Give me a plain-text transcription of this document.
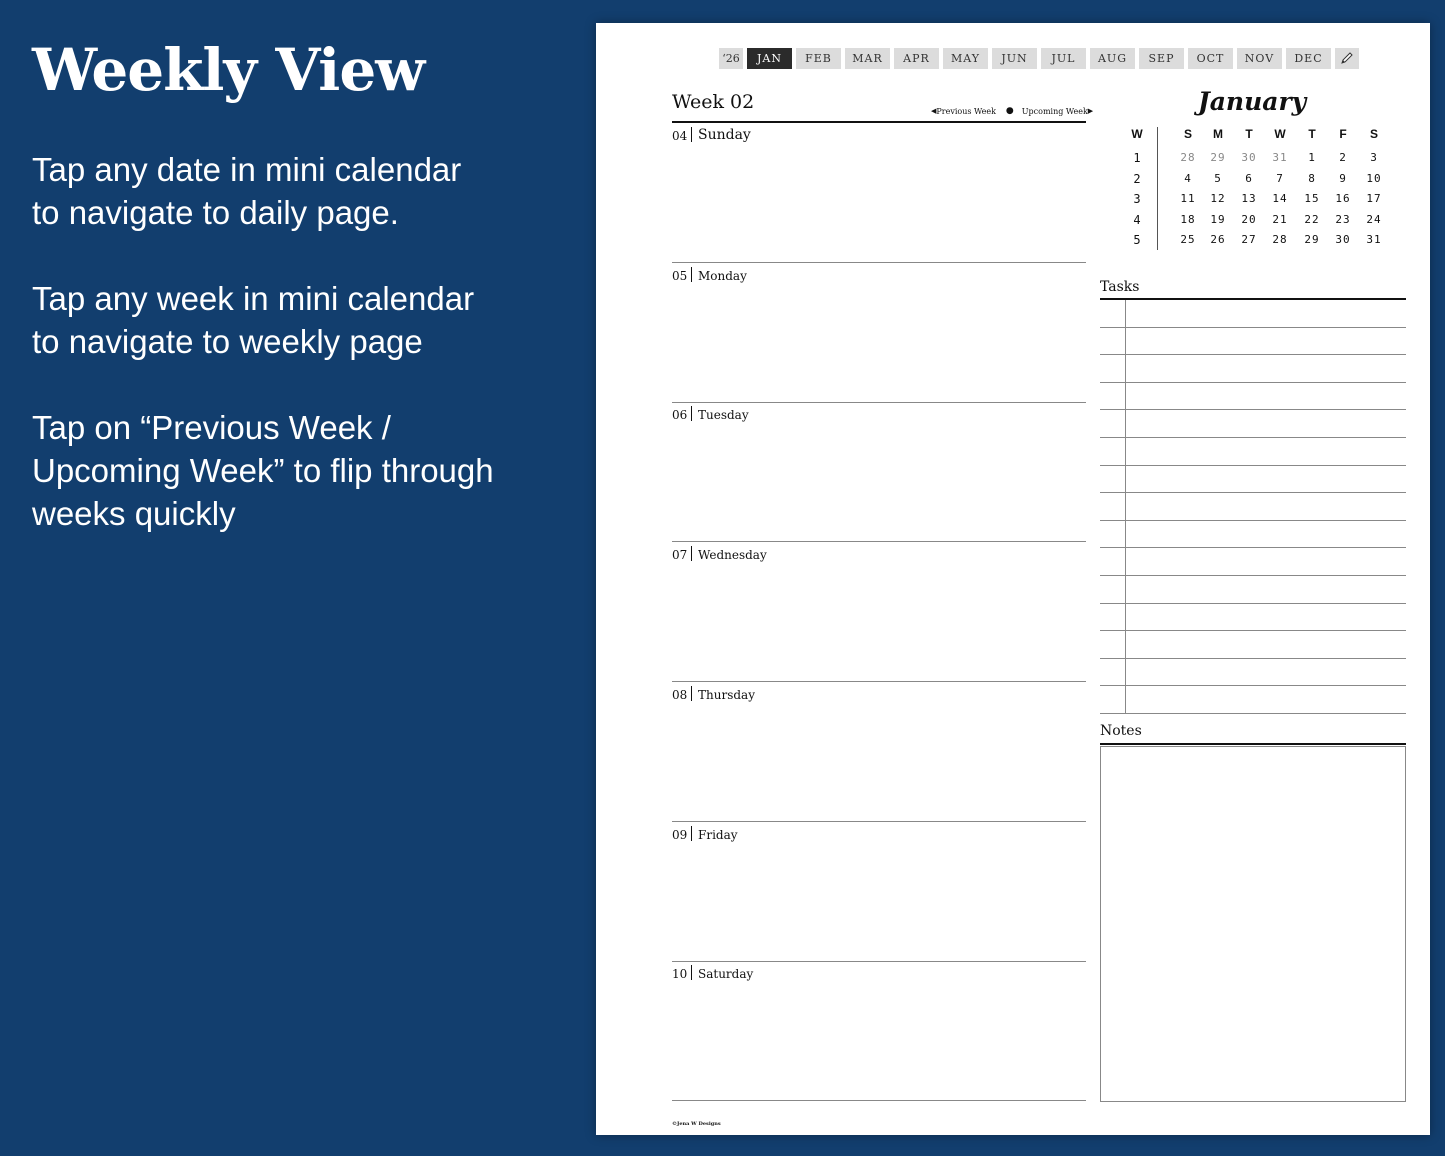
Weekly View

Tap any date in mini calendar
to navigate to daily page.

Tap any week in mini calendar
to navigate to weekly page

Tap on “Previous Week /
Upcoming Week” to flip through
weeks quickly

‘26	JAN	FEB	MAR	APR	MAY	JUN	JUL	AUG	SEP	OCT	NOV	DEC
Week 02	◀ Previous Week ● Upcoming Week ▶
04 Sunday
05 Monday
06 Tuesday
07 Wednesday
08 Thursday
09 Friday
10 Saturday
January
W	S	M	T	W	T	F	S
1	28	29	30	31	1	2	3
2	4	5	6	7	8	9	10
3	11	12	13	14	15	16	17
4	18	19	20	21	22	23	24
5	25	26	27	28	29	30	31
Tasks
Notes
©Jena W Designs
